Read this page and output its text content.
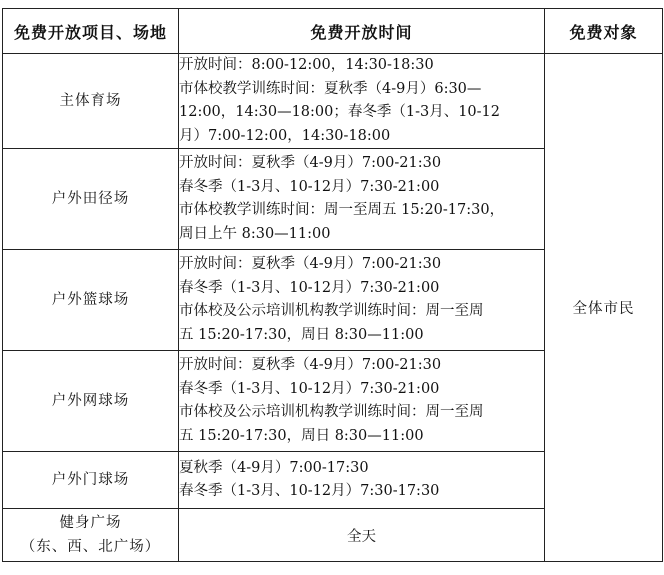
免费开放项目、场地	免费开放时间	免费对象
主体育场	开放时间：8:00-12:00，14:30-18:30
市体校教学训练时间：夏秋季（4-9月）6:30—
12:00，14:30—18:00；春冬季（1-3月、10-12
月）7:00-12:00，14:30-18:00	全体市民
户外田径场	开放时间：夏秋季（4-9月）7:00-21:30
春冬季（1-3月、10-12月）7:30-21:00
市体校教学训练时间：周一至周五 15:20-17:30，
周日上午 8:30—11:00	

户外篮球场	开放时间：夏秋季（4-9月）7:00-21:30
春冬季（1-3月、10-12月）7:30-21:00
市体校及公示培训机构教学训练时间：周一至周
五 15:20-17:30，周日 8:30—11:00	

户外网球场	开放时间：夏秋季（4-9月）7:00-21:30
春冬季（1-3月、10-12月）7:30-21:00
市体校及公示培训机构教学训练时间：周一至周
五 15:20-17:30，周日 8:30—11:00	

户外门球场	夏秋季（4-9月）7:00-17:30
春冬季（1-3月、10-12月）7:30-17:30	

健身广场
（东、西、北广场）	全天	
